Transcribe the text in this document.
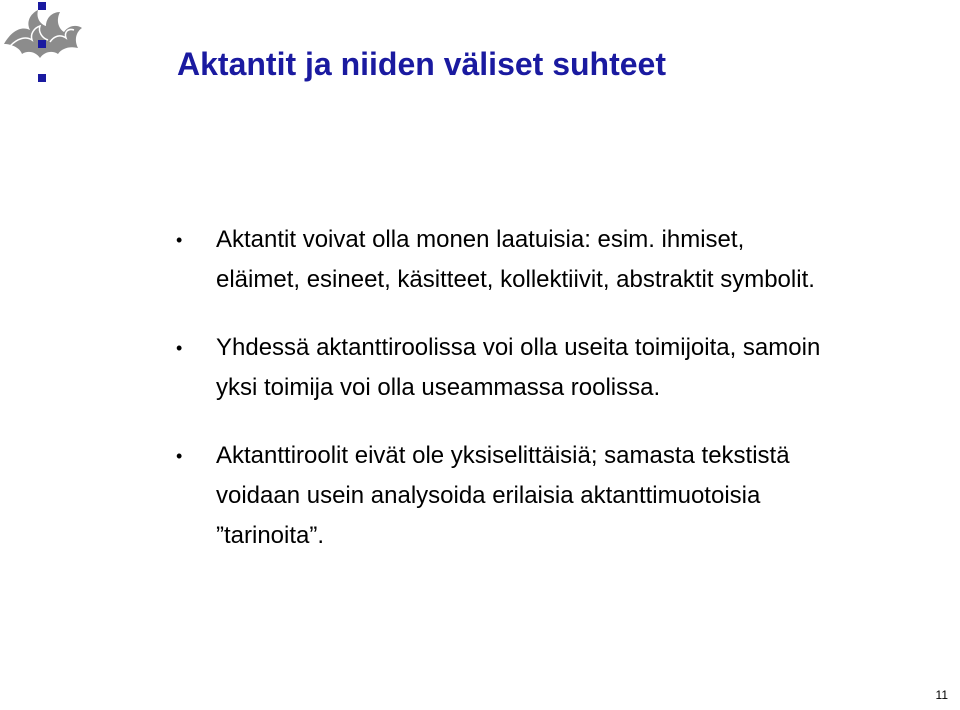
Aktantit ja niiden väliset suhteet
• Aktantit voivat olla monen laatuisia: esim. ihmiset,
eläimet, esineet, käsitteet, kollektiivit, abstraktit symbolit.
• Yhdessä aktanttiroolissa voi olla useita toimijoita, samoin
yksi toimija voi olla useammassa roolissa.
• Aktanttiroolit eivät ole yksiselittäisiä; samasta tekstistä
voidaan usein analysoida erilaisia aktanttimuotoisia
”tarinoita”.
11
